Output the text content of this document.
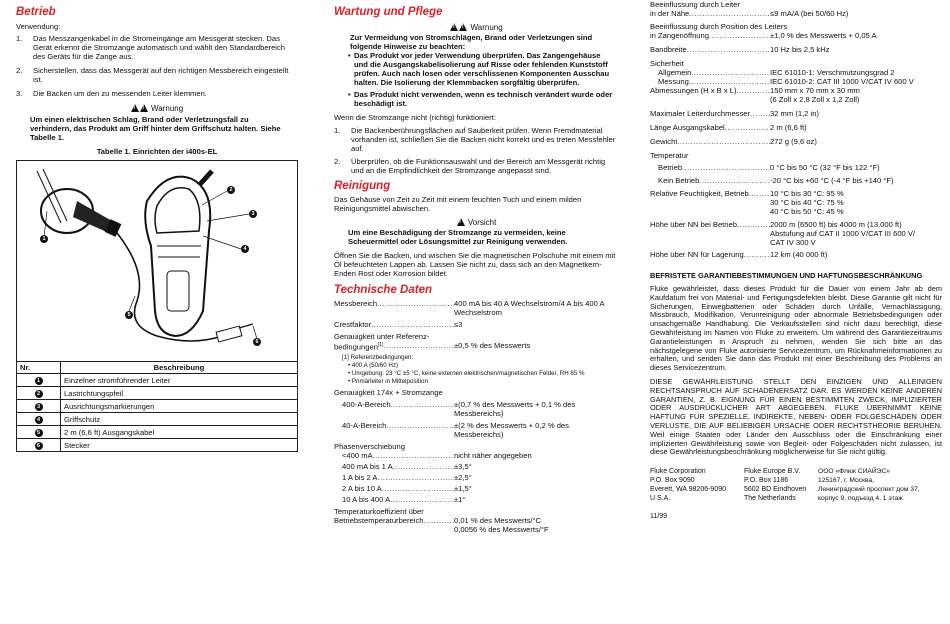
Betrieb
Verwendung:
1.	Das Messzangenkabel in die Stromeingänge am Messgerät stecken. Das Gerät erkennt die Stromzange automatisch und wählt den Standardbereich des Geräts für die Zange aus.
2.	Sicherstellen, dass das Messgerät auf den richtigen Messbereich eingestellt ist.
3.	Die Backen um den zu messenden Leiter klemmen.
!! Warnung
Um einen elektrischen Schlag, Brand oder Verletzungsfall zu verhindern, das Produkt am Griff hinter dem Griffschutz halten. Siehe Tabelle 1.
Tabelle 1. Einrichten der i400s-EL
1
2
3
4
5
6
Nr.	Beschreibung
1	Einzelner stromführender Leiter
2	Lastrichtungspfeil
3	Ausrichtungsmarkierungen
4	Griffschutz
5	2 m (6,6 ft) Ausgangskabel
6	Stecker
Wartung und Pflege
!! Warnung
Zur Vermeidung von Stromschlägen, Brand oder Verletzungen sind folgende Hinweise zu beachten:
• Das Produkt vor jeder Verwendung überprüfen. Das Zangengehäuse und die Ausgangskabelisolierung auf Risse oder fehlenden Kunststoff prüfen. Auch nach losen oder verschlissenen Komponenten Ausschau halten. Die Isolierung der Klemmbacken sorgfältig überprüfen.
• Das Produkt nicht verwenden, wenn es technisch verändert wurde oder beschädigt ist.
Wenn die Stromzange nicht (richtig) funktioniert:
1.	Die Backenberührungsflächen auf Sauberkeit prüfen. Wenn Fremdmaterial vorhanden ist, schließen Sie die Backen nicht korrekt und es treten Messfehler auf.
2.	Überprüfen, ob die Funktionsauswahl und der Bereich am Messgerät richtig und an die Empfindlichkeit der Stromzange angepasst sind.
Reinigung
Das Gehäuse von Zeit zu Zeit mit einem feuchten Tuch und einem milden Reinigungsmittel abwischen.
! Vorsicht
Um eine Beschädigung der Stromzange zu vermeiden, keine Scheuermittel oder Lösungsmittel zur Reinigung verwenden.
Öffnen Sie die Backen, und wischen Sie die magnetischen Polschuhe mit einem mit Öl befeuchteten Lappen ab. Lassen Sie nicht zu, dass sich an den Magnetkern-Enden Rost oder Korrosion bildet.
Technische Daten
Messbereich .....	400 mA bis 40 A Wechselstrom/4 A bis 400 A
Wechselstrom
Crestfaktor .....	≤3
Genauigkeit unter Referenz-
bedingungen[1] .....	±0,5 % des Messwerts
[1] Referenzbedingungen:
• 400 A (50/60 Hz)
• Umgebung: 23 °C ±5 °C, keine externen elektrischen/magnetischen Felder, RH 65 %
• Primärleiter in Mittelposition
Genauigkeit 174x + Stromzange
400-A-Bereich .....	±(0,7 % des Messwerts + 0,1 % des
Messbereichs)
40-A-Bereich .....	±(2 % des Messwerts + 0,2 % des
Messbereichs)
Phasenverschiebung
<400 mA .....	nicht näher angegeben
400 mA bis 1 A .....	±3,5°
1 A bis 2 A .....	±2,5°
2 A bis 10 A .....	±1,5°
10 A bis 400 A .....	±1°
Temperaturkoeffizient über
Betriebstemperaturbereich .....	0,01 % des Messwerts/°C
0,0056 % des Messwerts/°F
Beeinflussung durch Leiter
in der Nähe .....	≤9 mA/A (bei 50/60 Hz)
Beeinflussung durch Position des Leiters
in Zangenöffnung .....	±1,0 % des Messwerts + 0,05 A
Bandbreite .....	10 Hz bis 2,5 kHz
Sicherheit
Allgemein .....	IEC 61010-1: Verschmutzungsgrad 2
Messung .....	IEC 61010-2: CAT III 1000 V/CAT IV 600 V
Abmessungen (H x B x L) .....	150 mm x 70 mm x 30 mm
(6 Zoll x 2,8 Zoll x 1,2 Zoll)
Maximaler Leiterdurchmesser .....	32 mm (1,2 in)
Länge Ausgangskabel .....	2 m (6,6 ft)
Gewicht .....	272 g (9,6 oz)
Temperatur
Betrieb .....	0 °C bis 50 °C (32 °F bis 122 °F)
Kein Betrieb .....	-20 °C bis +60 °C (-4 °F bis +140 °F)
Relative Feuchtigkeit, Betrieb .....	10 °C bis 30 °C: 95 %
30 °C bis 40 °C: 75 %
40 °C bis 50 °C: 45 %
Höhe über NN bei Betrieb .....	2000 m (6500 ft) bis 4000 m (13.000 ft)
Abstufung auf CAT II 1000 V/CAT III 600 V/
CAT IV 300 V
Höhe über NN für Lagerung .....	12 km (40 000 ft)
BEFRISTETE GARANTIEBESTIMMUNGEN UND HAFTUNGSBESCHRÄNKUNG
Fluke gewährleistet, dass dieses Produkt für die Dauer von einem Jahr ab dem Kaufdatum frei von Material- und Fertigungsdefekten bleibt. Diese Garantie gilt nicht für Sicherungen, Einwegbatterien oder Schäden durch Unfälle, Vernachlässigung, Missbrauch, Modifikation, Verunreinigung oder abnormale Betriebsbedingungen oder unsachgemäße Handhabung. Die Verkaufsstellen sind nicht dazu berechtigt, diese Gewährleistung im Namen von Fluke zu erweitern. Um während des Garantiezeitraums Garantieleistungen in Anspruch zu nehmen, wenden Sie sich bitte an das nächstgelegene von Fluke autorisierte Servicezentrum, um Rücknahmeinformationen zu erhalten, und senden Sie dann das Produkt mit einer Beschreibung des Problems an dieses Servicezentrum.
DIESE GEWÄHRLEISTUNG STELLT DEN EINZIGEN UND ALLEINIGEN RECHTSANSPRUCH AUF SCHADENERSATZ DAR. ES WERDEN KEINE ANDEREN GARANTIEN, Z. B. EIGNUNG FÜR EINEN BESTIMMTEN ZWECK, IMPLIZIERTER ODER AUSDRÜCKLICHER ART ABGEGEBEN. FLUKE ÜBERNIMMT KEINE HAFTUNG FÜR SPEZIELLE, INDIREKTE, NEBEN- ODER FOLGESCHÄDEN ODER VERLUSTE, DIE AUF BELIEBIGER URSACHE ODER RECHTSTHEORIE BERUHEN. Weil einige Staaten oder Länder den Ausschluss oder die Einschränkung einer implizierten Gewährleistung sowie von Begleit- oder Folgeschäden nicht zulassen, ist diese Gewährleistungsbeschränkung möglicherweise für Sie nicht gültig.
Fluke Corporation
P.O. Box 9090
Everett, WA 98206-9090
U.S.A.
Fluke Europe B.V.
P.O. Box 1186
5602 BD Eindhoven
The Netherlands
ООО «Флюк СИАЙЭС»
125167, г. Москва,
Ленинградский проспект дом 37,
корпус 9, подъезд 4, 1 этаж
11/99
